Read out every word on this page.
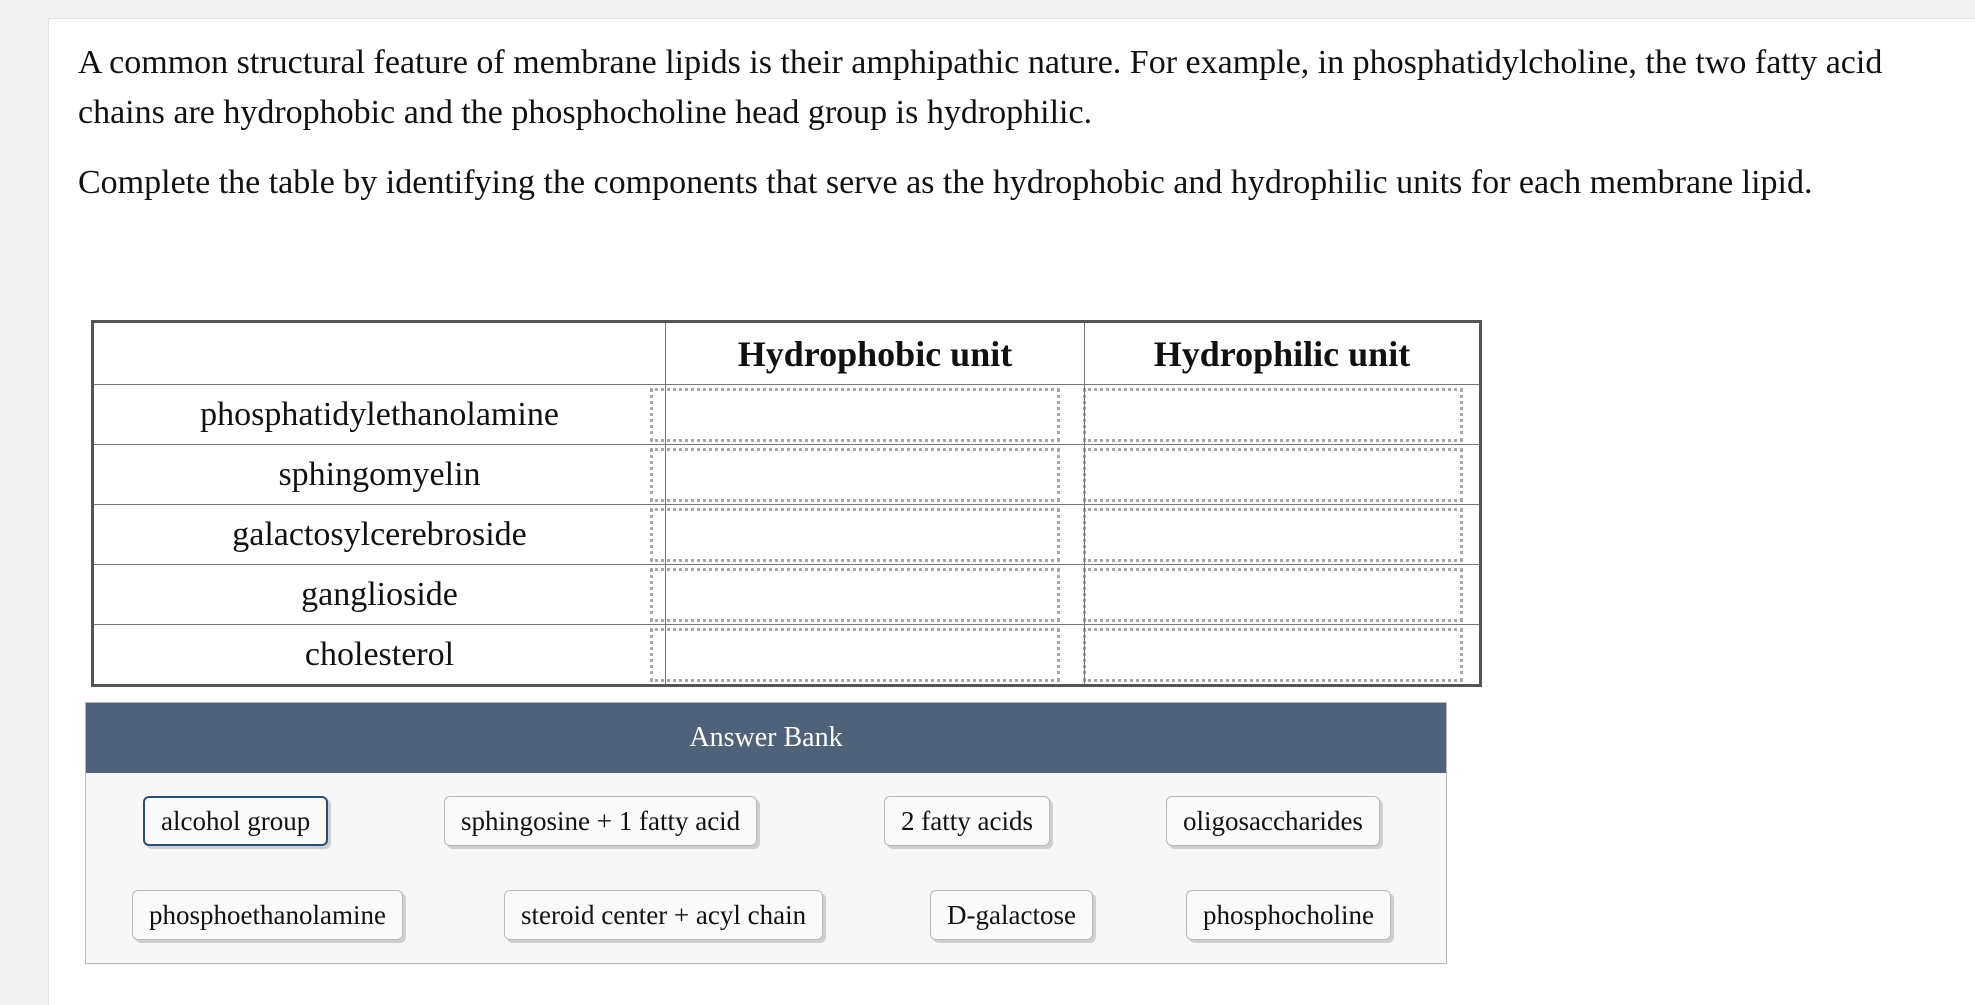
A common structural feature of membrane lipids is their amphipathic nature. For example, in phosphatidylcholine, the two fatty acid chains are hydrophobic and the phosphocholine head group is hydrophilic.

Complete the table by identifying the components that serve as the hydrophobic and hydrophilic units for each membrane lipid.

	Hydrophobic unit	Hydrophilic unit
phosphatidylethanolamine	

sphingomyelin	

galactosylcerebroside	

ganglioside	

cholesterol	

Answer Bank
alcohol group	sphingosine + 1 fatty acid	2 fatty acids	oligosaccharides
phosphoethanolamine	steroid center + acyl chain	D-galactose	phosphocholine
